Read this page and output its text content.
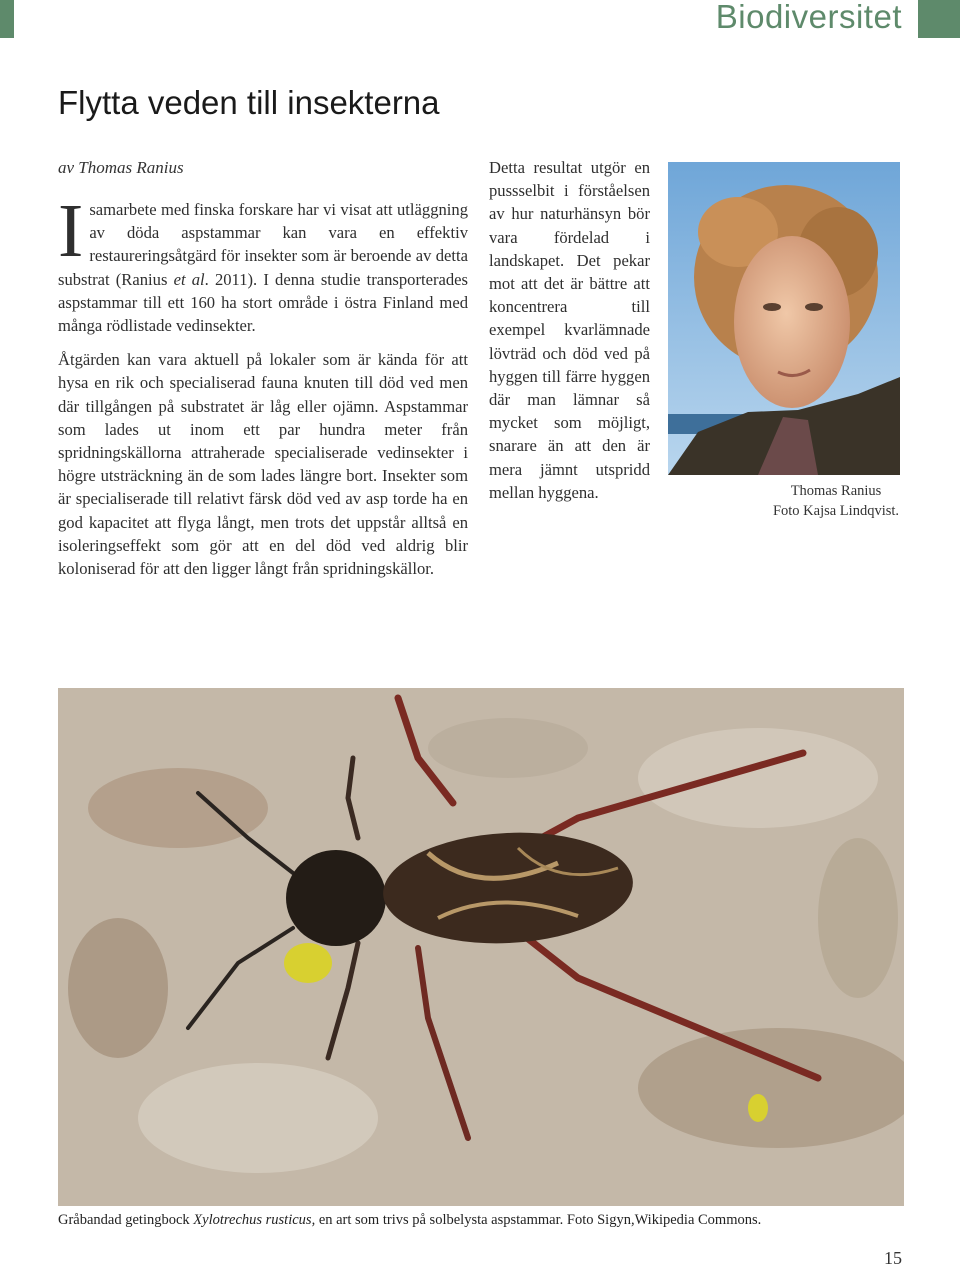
Biodiversitet
Flytta veden till insekterna
av Thomas Ranius

Isamarbete med finska forskare har vi visat att utläggning av döda aspstammar kan vara en effektiv restaureringsåtgärd för insekter som är beroende av detta substrat (Ranius et al. 2011). I denna studie transporterades aspstammar till ett 160 ha stort område i östra Finland med många rödlistade vedinsekter.

Åtgärden kan vara aktuell på lokaler som är kända för att hysa en rik och specialiserad fauna knuten till död ved men där tillgången på substratet är låg eller ojämn. Aspstammar som lades ut inom ett par hundra meter från spridningskällorna attraherade specialiserade vedinsekter i högre utsträckning än de som lades längre bort. Insekter som är specialiserade till relativt färsk död ved av asp torde ha en god kapacitet att flyga långt, men trots det uppstår alltså en isoleringseffekt som gör att en del död ved aldrig blir koloniserad för att den ligger långt från spridningskällor.

Detta resultat utgör en pussselbit i förståelsen av hur naturhänsyn bör vara fördelad i landskapet. Det pekar mot att det är bättre att koncentrera till exempel kvarlämnade lövträd och död ved på hyggen till färre hyggen där man lämnar så mycket som möjligt, snarare än att den är mera jämnt utspridd mellan hyggena.	Thomas Ranius
Foto Kajsa Lindqvist.
Gråbandad getingbock Xylotrechus rusticus, en art som trivs på solbelysta aspstammar. Foto Sigyn,Wikipedia Commons.
15
